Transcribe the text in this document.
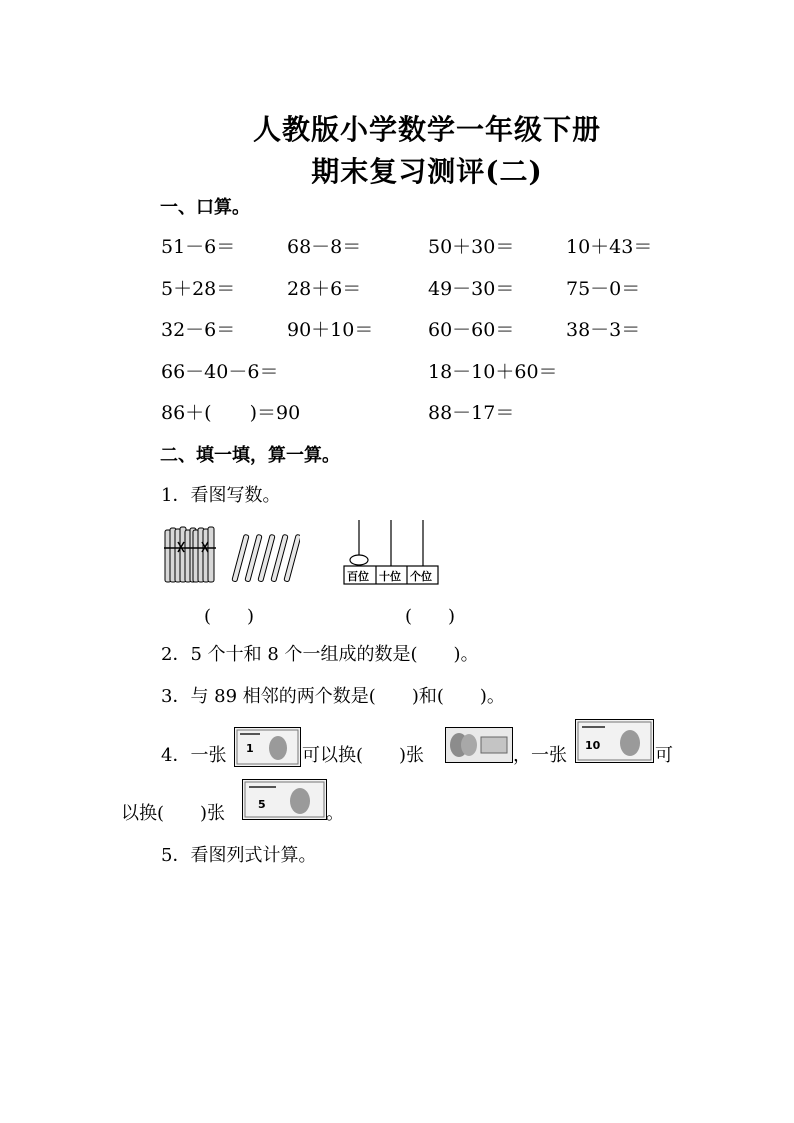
人教版小学数学一年级下册
期末复习测评(二)
一、口算。
51－6＝	68－8＝	50＋30＝	10＋43＝
5＋28＝	28＋6＝	49－30＝	75－0＝
32－6＝	90＋10＝	60－60＝	38－3＝
66－40－6＝	18－10＋60＝
86＋(　　)＝90	88－17＝
二、填一填，算一算。
1．看图写数。
百位 十位 个位
(　　)	(　　)
2．5 个十和 8 个一组成的数是(　　)。
3．与 89 相邻的两个数是(　　)和(　　)。
4．一张 1	可以换(　　)张	，一张 10	可
以换(　　)张	5	。
5．看图列式计算。
